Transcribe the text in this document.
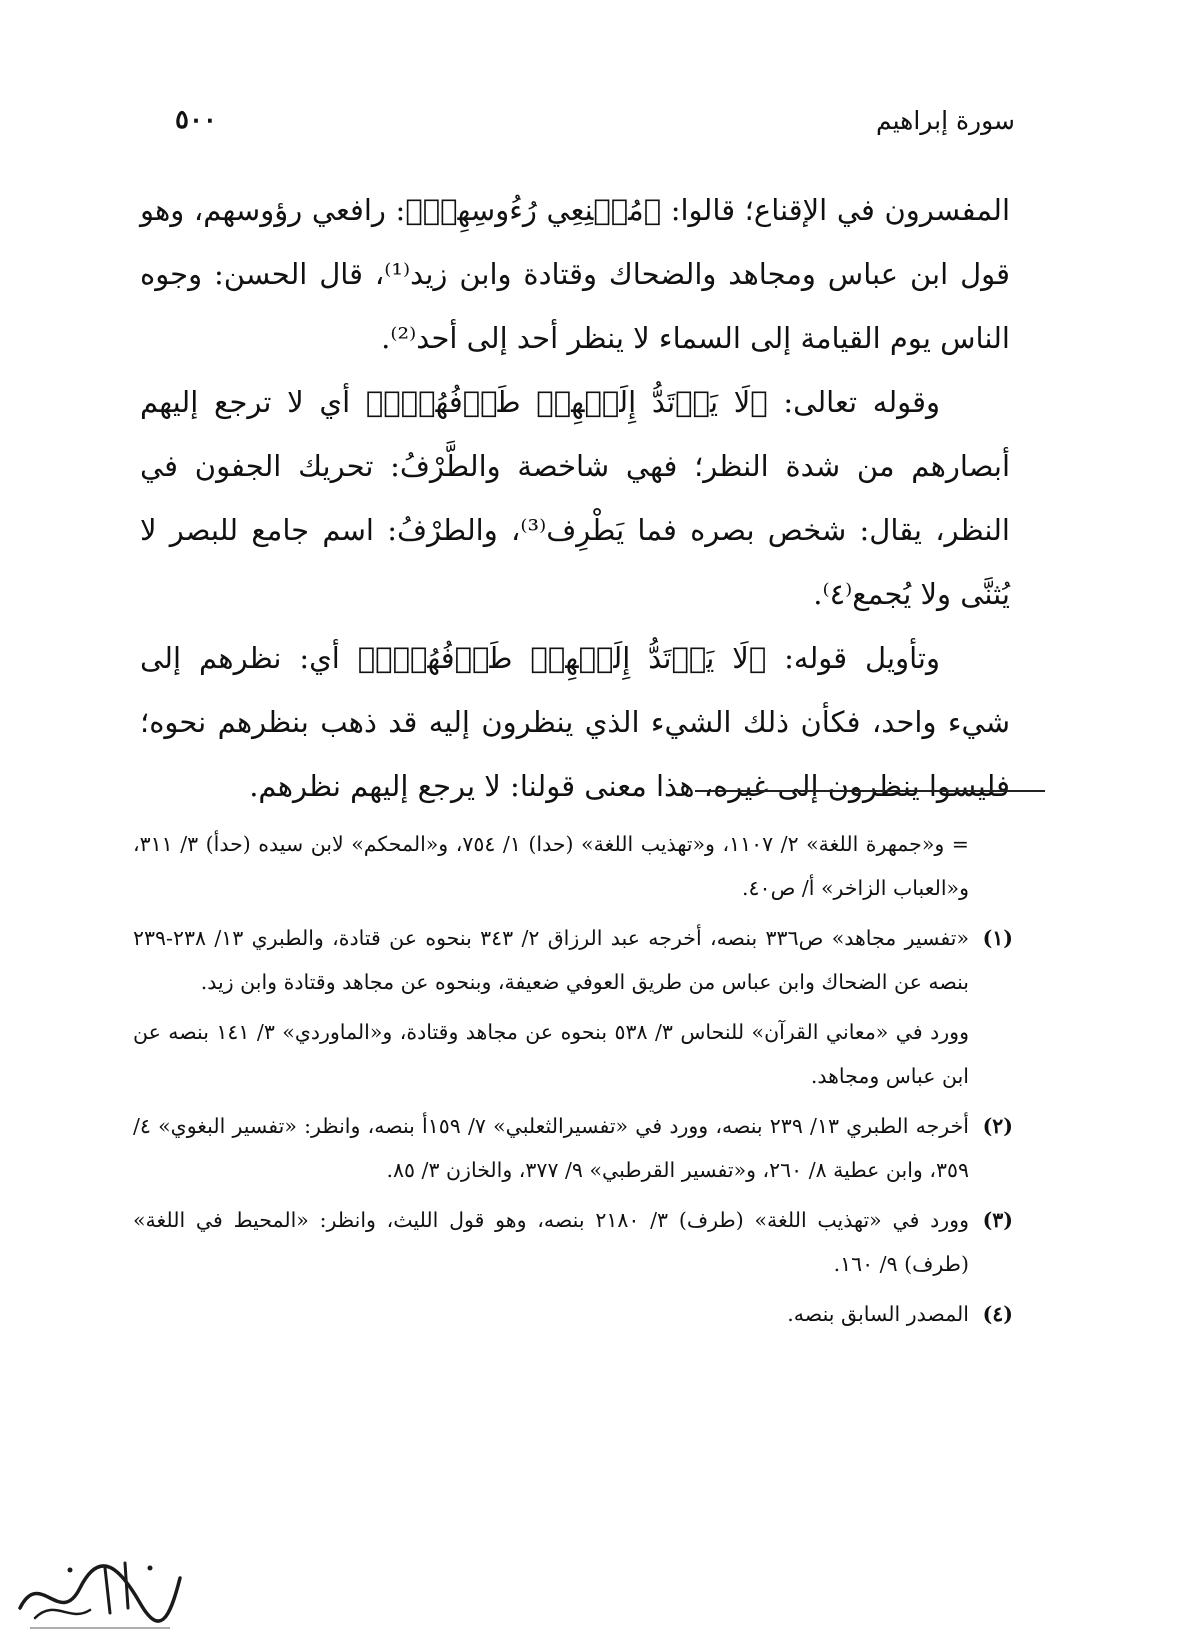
٥٠٠	سورة إبراهيم

المفسرون في الإقناع؛ قالوا: ﴿مُقۡنِعِي رُءُوسِهِمۡ﴾: رافعي رؤوسهم، وهو قول ابن عباس ومجاهد والضحاك وقتادة وابن زيد⁽¹⁾، قال الحسن: وجوه الناس يوم القيامة إلى السماء لا ينظر أحد إلى أحد⁽²⁾.

وقوله تعالى: ﴿لَا يَرۡتَدُّ إِلَيۡهِمۡ طَرۡفُهُمۡۖ﴾ أي لا ترجع إليهم أبصارهم من شدة النظر؛ فهي شاخصة والطَّرْفُ: تحريك الجفون في النظر، يقال: شخص بصره فما يَطْرِف⁽³⁾، والطرْفُ: اسم جامع للبصر لا يُثنَّى ولا يُجمع⁽٤⁾.

وتأويل قوله: ﴿لَا يَرۡتَدُّ إِلَيۡهِمۡ طَرۡفُهُمۡۖ﴾ أي: نظرهم إلى شيء واحد، فكأن ذلك الشيء الذي ينظرون إليه قد ذهب بنظرهم نحوه؛ فليسوا ينظرون إلى غيره، هذا معنى قولنا: لا يرجع إليهم نظرهم.

= و«جمهرة اللغة» ٢/ ١١٠٧، و«تهذيب اللغة» (حدا) ١/ ٧٥٤، و«المحكم» لابن سيده (حدأ) ٣/ ٣١١، و«العباب الزاخر» أ/ ص٤٠.

(١)

«تفسير مجاهد» ص٣٣٦ بنصه، أخرجه عبد الرزاق ٢/ ٣٤٣ بنحوه عن قتادة، والطبري ١٣/ ٢٣٨-٢٣٩ بنصه عن الضحاك وابن عباس من طريق العوفي ضعيفة، وبنحوه عن مجاهد وقتادة وابن زيد.

وورد في «معاني القرآن» للنحاس ٣/ ٥٣٨ بنحوه عن مجاهد وقتادة، و«الماوردي» ٣/ ١٤١ بنصه عن ابن عباس ومجاهد.

(٢)

أخرجه الطبري ١٣/ ٢٣٩ بنصه، وورد في «تفسيرالثعلبي» ٧/ ١٥٩أ بنصه، وانظر: «تفسير البغوي» ٤/ ٣٥٩، وابن عطية ٨/ ٢٦٠، و«تفسير القرطبي» ٩/ ٣٧٧، والخازن ٣/ ٨٥.

(٣)

وورد في «تهذيب اللغة» (طرف) ٣/ ٢١٨٠ بنصه، وهو قول الليث، وانظر: «المحيط في اللغة» (طرف) ٩/ ١٦٠.

(٤)

المصدر السابق بنصه.
